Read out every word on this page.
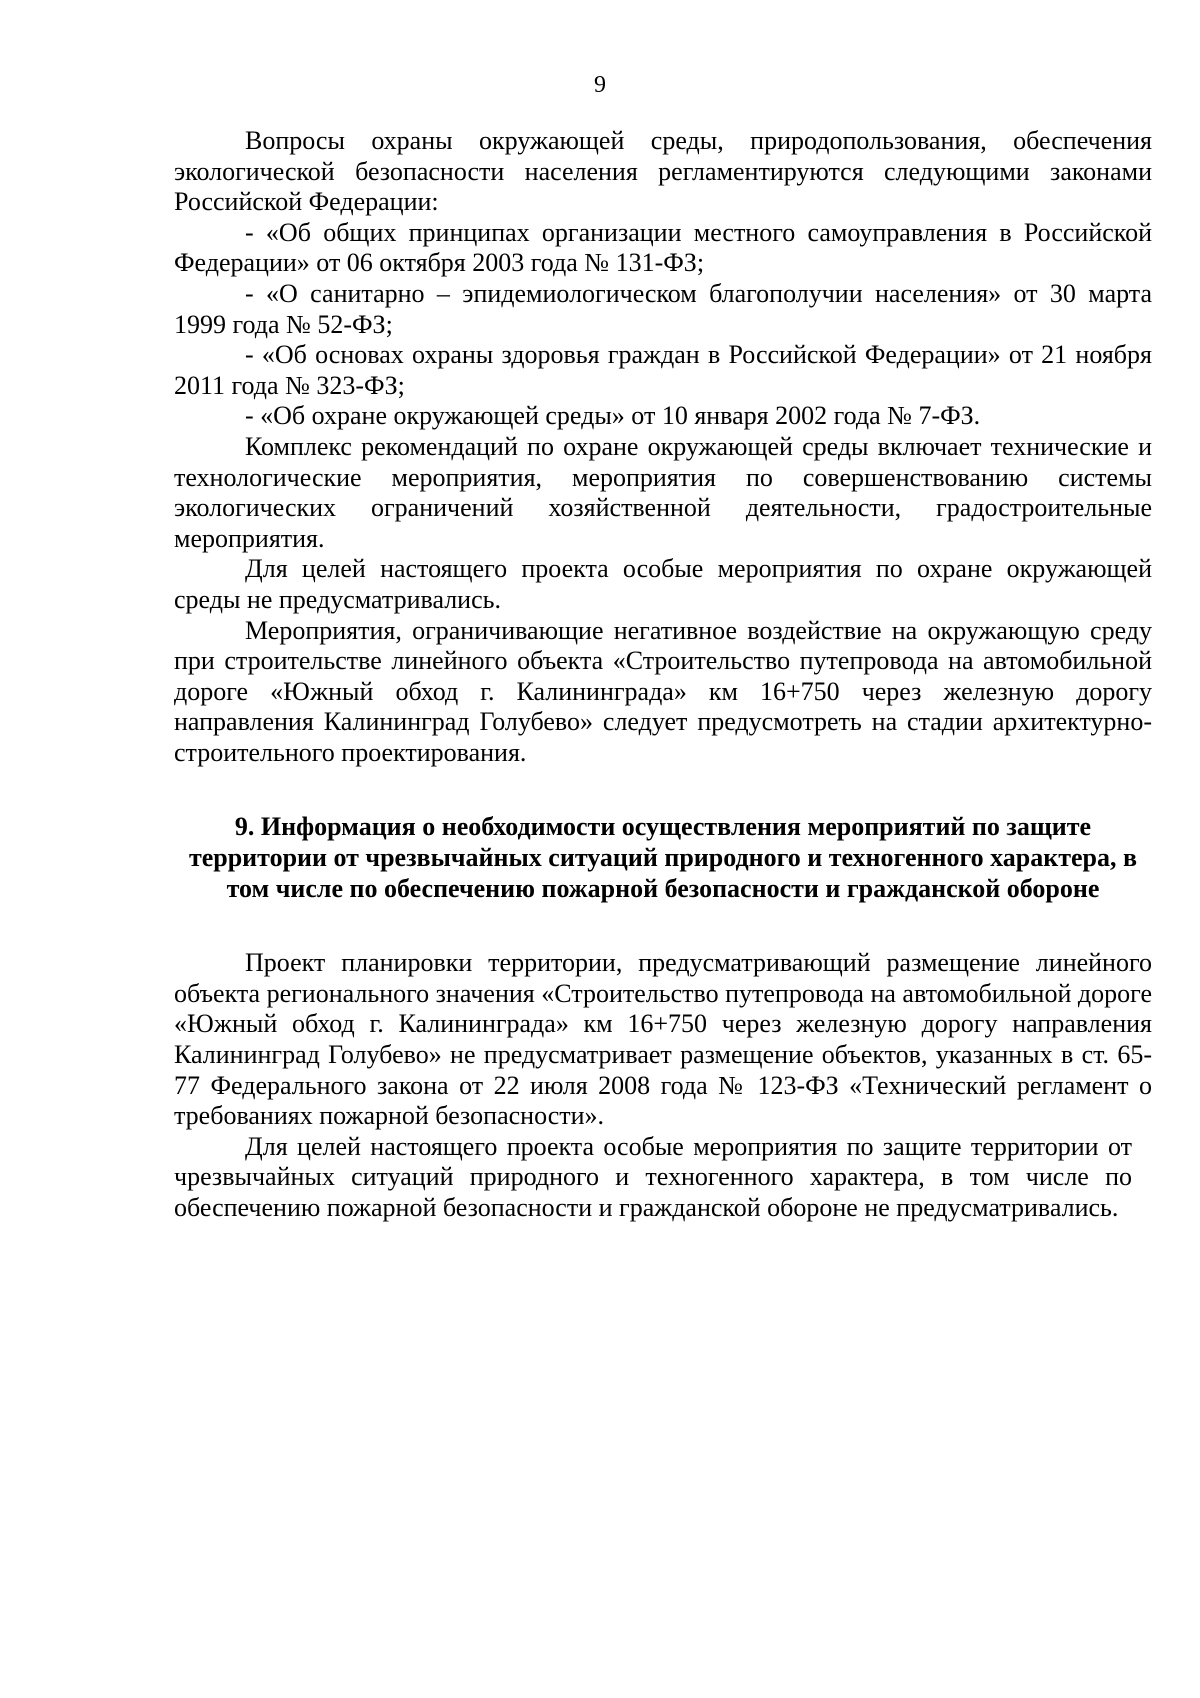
9

Вопросы охраны окружающей среды, природопользования, обеспечения экологической безопасности населения регламентируются следующими законами Российской Федерации:

- «Об общих принципах организации местного самоуправления в Российской Федерации» от 06 октября 2003 года № 131-ФЗ;

- «О санитарно – эпидемиологическом благополучии населения» от 30 марта 1999 года № 52-ФЗ;

- «Об основах охраны здоровья граждан в Российской Федерации» от 21 ноября 2011 года № 323-ФЗ;

- «Об охране окружающей среды» от 10 января 2002 года № 7-ФЗ.

Комплекс рекомендаций по охране окружающей среды включает технические и технологические мероприятия, мероприятия по совершенствованию системы экологических ограничений хозяйственной деятельности, градостроительные мероприятия.

Для целей настоящего проекта особые мероприятия по охране окружающей среды не предусматривались.

Мероприятия, ограничивающие негативное воздействие на окружающую среду при строительстве линейного объекта «Строительство путепровода на автомобильной дороге «Южный обход г. Калининграда» км 16+750 через железную дорогу направления Калининград Голубево» следует предусмотреть на стадии архитектурно-строительного проектирования.

9. Информация о необходимости осуществления мероприятий по защите территории от чрезвычайных ситуаций природного и техногенного характера, в том числе по обеспечению пожарной безопасности и гражданской обороне

Проект планировки территории, предусматривающий размещение линейного объекта регионального значения «Строительство путепровода на автомобильной дороге «Южный обход г. Калининграда» км 16+750 через железную дорогу направления Калининград Голубево» не предусматривает размещение объектов, указанных в ст. 65-77 Федерального закона от 22 июля 2008 года № 123-ФЗ «Технический регламент о требованиях пожарной безопасности».

Для целей настоящего проекта особые мероприятия по защите территории от чрезвычайных ситуаций природного и техногенного характера, в том числе по обеспечению пожарной безопасности и гражданской обороне не предусматривались.
